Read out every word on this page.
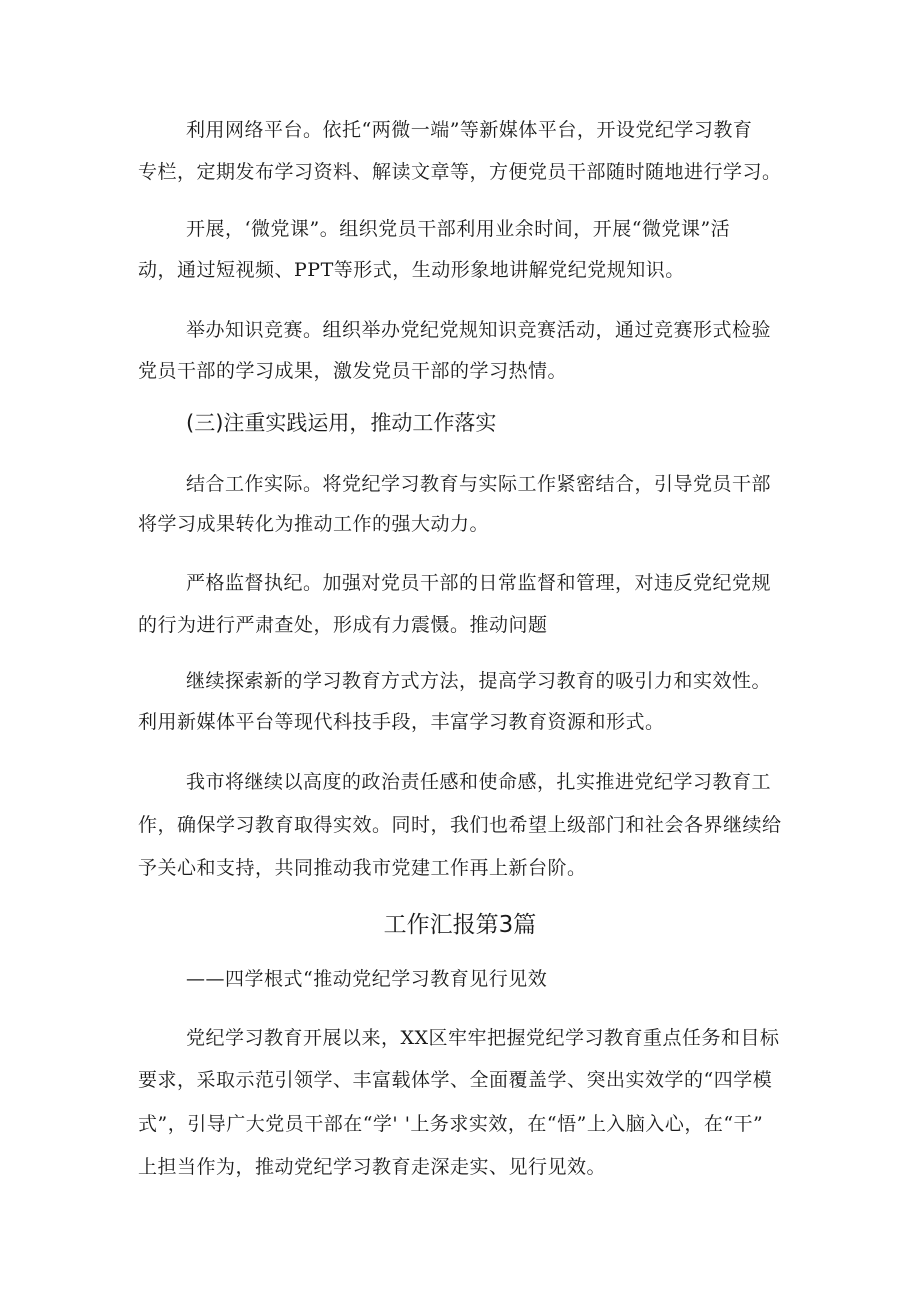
利用网络平台。依托“两微一端”等新媒体平台，开设党纪学习教育
专栏，定期发布学习资料、解读文章等，方便党员干部随时随地进行学习。
开展，‘微党课”。组织党员干部利用业余时间，开展“微党课”活
动，通过短视频、PPT等形式，生动形象地讲解党纪党规知识。
举办知识竞赛。组织举办党纪党规知识竞赛活动，通过竞赛形式检验
党员干部的学习成果，激发党员干部的学习热情。
(三)注重实践运用，推动工作落实
结合工作实际。将党纪学习教育与实际工作紧密结合，引导党员干部
将学习成果转化为推动工作的强大动力。
严格监督执纪。加强对党员干部的日常监督和管理，对违反党纪党规
的行为进行严肃查处，形成有力震慑。推动问题
继续探索新的学习教育方式方法，提高学习教育的吸引力和实效性。
利用新媒体平台等现代科技手段，丰富学习教育资源和形式。
我市将继续以高度的政治责任感和使命感，扎实推进党纪学习教育工
作，确保学习教育取得实效。同时，我们也希望上级部门和社会各界继续给
予关心和支持，共同推动我市党建工作再上新台阶。
工作汇报第3篇
——四学根式“推动党纪学习教育见行见效
党纪学习教育开展以来，XX区牢牢把握党纪学习教育重点任务和目标
要求，采取示范引领学、丰富载体学、全面覆盖学、突出实效学的“四学模
式”，引导广大党员干部在“学' '上务求实效，在“悟”上入脑入心，在“干”
上担当作为，推动党纪学习教育走深走实、见行见效。
